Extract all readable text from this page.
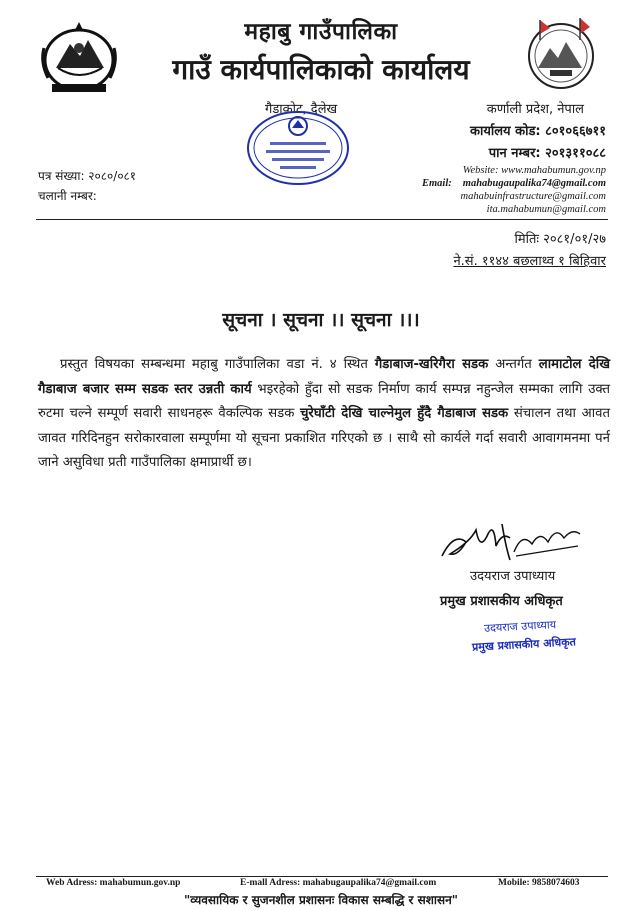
महाबु गाउँपालिका
गाउँ कार्यपालिकाको कार्यालय
गैडाकोट, दैलेख	कर्णाली प्रदेश, नेपाल
कार्यालय कोड: ८०१०६६७११
पान नम्बर: २०१३११०८८
पत्र संख्या: २०८०/०८१
चलानी नम्बर:
Website: www.mahabumun.gov.np
Email: mahabugaupalika74@gmail.com
mahabuinfrastructure@gmail.com
ita.mahabumun@gmail.com
मितिः २०८१/०१/२७
ने.सं. ११४४ बछलाथ्व १ बिहिवार
सूचना । सूचना ।। सूचना ।।।
प्रस्तुत विषयका सम्बन्धमा महाबु गाउँपालिका वडा नं. ४ स्थित गैडाबाज-खरिगैरा सडक अन्तर्गत लामाटोल देखि गैडाबाज बजार सम्म सडक स्तर उन्नती कार्य भइरहेको हुँदा सो सडक निर्माण कार्य सम्पन्न नहुन्जेल सम्मका लागि उक्त रुटमा चल्ने सम्पूर्ण सवारी साधनहरू वैकल्पिक सडक चुरेघाँटी देखि चाल्नेमुल हुँदै गैडाबाज सडक संचालन तथा आवत जावत गरिदिनहुन सरोकारवाला सम्पूर्णमा यो सूचना प्रकाशित गरिएको छ । साथै सो कार्यले गर्दा सवारी आवागमनमा पर्न जाने असुविधा प्रती गाउँपालिका क्षमाप्रार्थी छ।
उदयराज उपाध्याय
प्रमुख प्रशासकीय अधिकृत
उदयराज उपाध्याय
प्रमुख प्रशासकीय अधिकृत
Web Adress: mahabumun.gov.np	E-mall Adress: mahabugaupalika74@gmail.com	Mobile: 9858074603
"व्यवसायिक र सुजनशील प्रशासनः विकास सम्बद्धि र सशासन"
